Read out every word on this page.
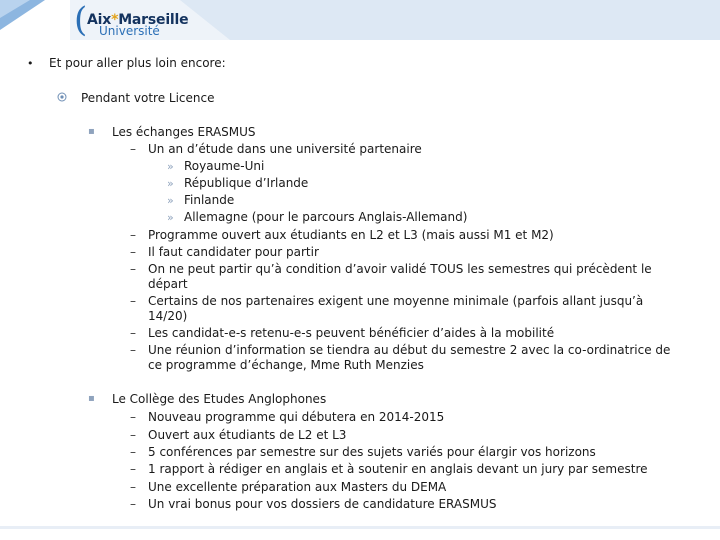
( Aix*Marseille
Université
• Et pour aller plus loin encore:
Pendant votre Licence
▪ Les échanges ERASMUS
– Un an d’étude dans une université partenaire
» Royaume-Uni
» République d’Irlande
» Finlande
» Allemagne (pour le parcours Anglais-Allemand)
– Programme ouvert aux étudiants en L2 et L3 (mais aussi M1 et M2)
– Il faut candidater pour partir
– On ne peut partir qu’à condition d’avoir validé TOUS les semestres qui précèdent le
départ
– Certains de nos partenaires exigent une moyenne minimale (parfois allant jusqu’à
14/20)
– Les candidat-e-s retenu-e-s peuvent bénéficier d’aides à la mobilité
– Une réunion d’information se tiendra au début du semestre 2 avec la co-ordinatrice de
ce programme d’échange, Mme Ruth Menzies
▪ Le Collège des Etudes Anglophones
– Nouveau programme qui débutera en 2014-2015
– Ouvert aux étudiants de L2 et L3
– 5 conférences par semestre sur des sujets variés pour élargir vos horizons
– 1 rapport à rédiger en anglais et à soutenir en anglais devant un jury par semestre
– Une excellente préparation aux Masters du DEMA
– Un vrai bonus pour vos dossiers de candidature ERASMUS
